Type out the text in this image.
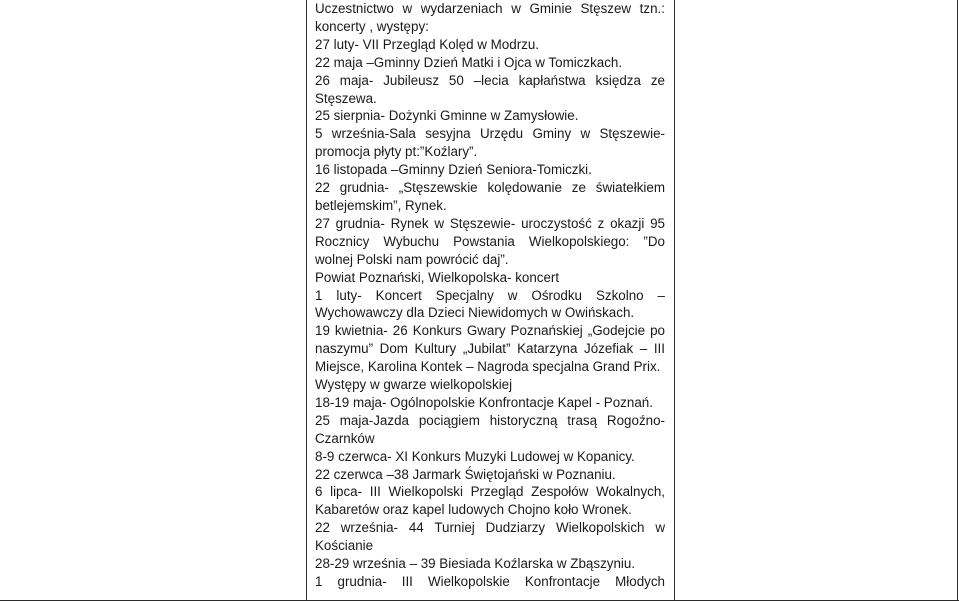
Uczestnictwo w wydarzeniach w Gminie Stęszew tzn.: koncerty , występy:

27 luty- VII Przegląd Kolęd w Modrzu.

22 maja –Gminny Dzień Matki i Ojca w Tomiczkach.

26 maja- Jubileusz 50 –lecia kapłaństwa księdza ze Stęszewa.

25 sierpnia- Dożynki Gminne w Zamysłowie.

5 września-Sala sesyjna Urzędu Gminy w Stęszewie- promocja płyty pt:”Koźlary”.

16 listopada –Gminny Dzień Seniora-Tomiczki.

22 grudnia- „Stęszewskie kolędowanie ze światełkiem betlejemskim”, Rynek.

27 grudnia- Rynek w Stęszewie- uroczystość z okazji 95 Rocznicy Wybuchu Powstania Wielkopolskiego: ”Do wolnej Polski nam powrócić daj”.

Powiat Poznański, Wielkopolska- koncert

1 luty- Koncert Specjalny w Ośrodku Szkolno – Wychowawczy dla Dzieci Niewidomych w Owińskach.

19 kwietnia- 26 Konkurs Gwary Poznańskiej „Godejcie po naszymu” Dom Kultury „Jubilat” Katarzyna Józefiak – III Miejsce, Karolina Kontek – Nagroda specjalna Grand Prix.

Występy w gwarze wielkopolskiej

18-19 maja- Ogólnopolskie Konfrontacje Kapel - Poznań.

25 maja-Jazda pociągiem historyczną trasą Rogoźno-Czarnków

8-9 czerwca- XI Konkurs Muzyki Ludowej w Kopanicy.

22 czerwca –38 Jarmark Świętojański w Poznaniu.

6 lipca- III Wielkopolski Przegląd Zespołów Wokalnych, Kabaretów oraz kapel ludowych Chojno koło Wronek.

22 września- 44 Turniej Dudziarzy Wielkopolskich w Kościanie

28-29 września – 39 Biesiada Koźlarska w Zbąszyniu.

1 grudnia- III Wielkopolskie Konfrontacje Młodych
